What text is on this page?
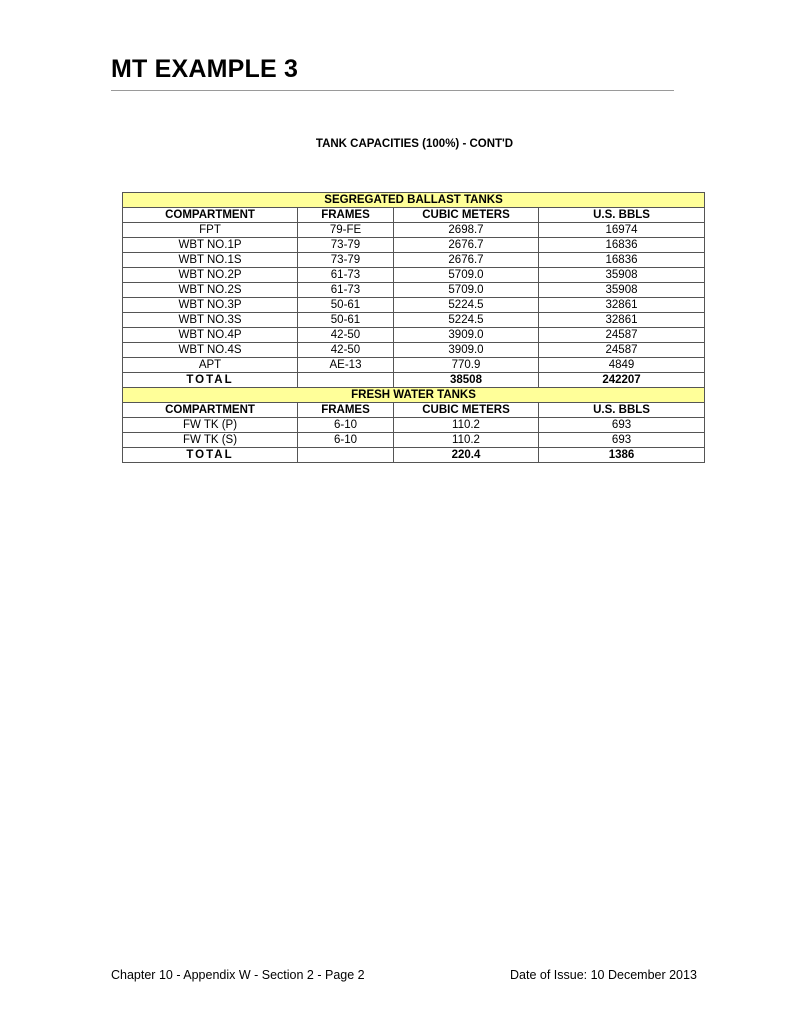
MT EXAMPLE 3
TANK CAPACITIES (100%) - CONT'D
SEGREGATED BALLAST TANKS			
COMPARTMENT	FRAMES	CUBIC METERS	U.S. BBLS
FPT	79-FE	2698.7	16974
WBT NO.1P	73-79	2676.7	16836
WBT NO.1S	73-79	2676.7	16836
WBT NO.2P	61-73	5709.0	35908
WBT NO.2S	61-73	5709.0	35908
WBT NO.3P	50-61	5224.5	32861
WBT NO.3S	50-61	5224.5	32861
WBT NO.4P	42-50	3909.0	24587
WBT NO.4S	42-50	3909.0	24587
APT	AE-13	770.9	4849
TOTAL		38508	242207
FRESH WATER TANKS			
COMPARTMENT	FRAMES	CUBIC METERS	U.S. BBLS
FW TK (P)	6-10	110.2	693
FW TK (S)	6-10	110.2	693
TOTAL		220.4	1386
Chapter 10 - Appendix W - Section 2 - Page 2	Date of Issue: 10 December 2013
